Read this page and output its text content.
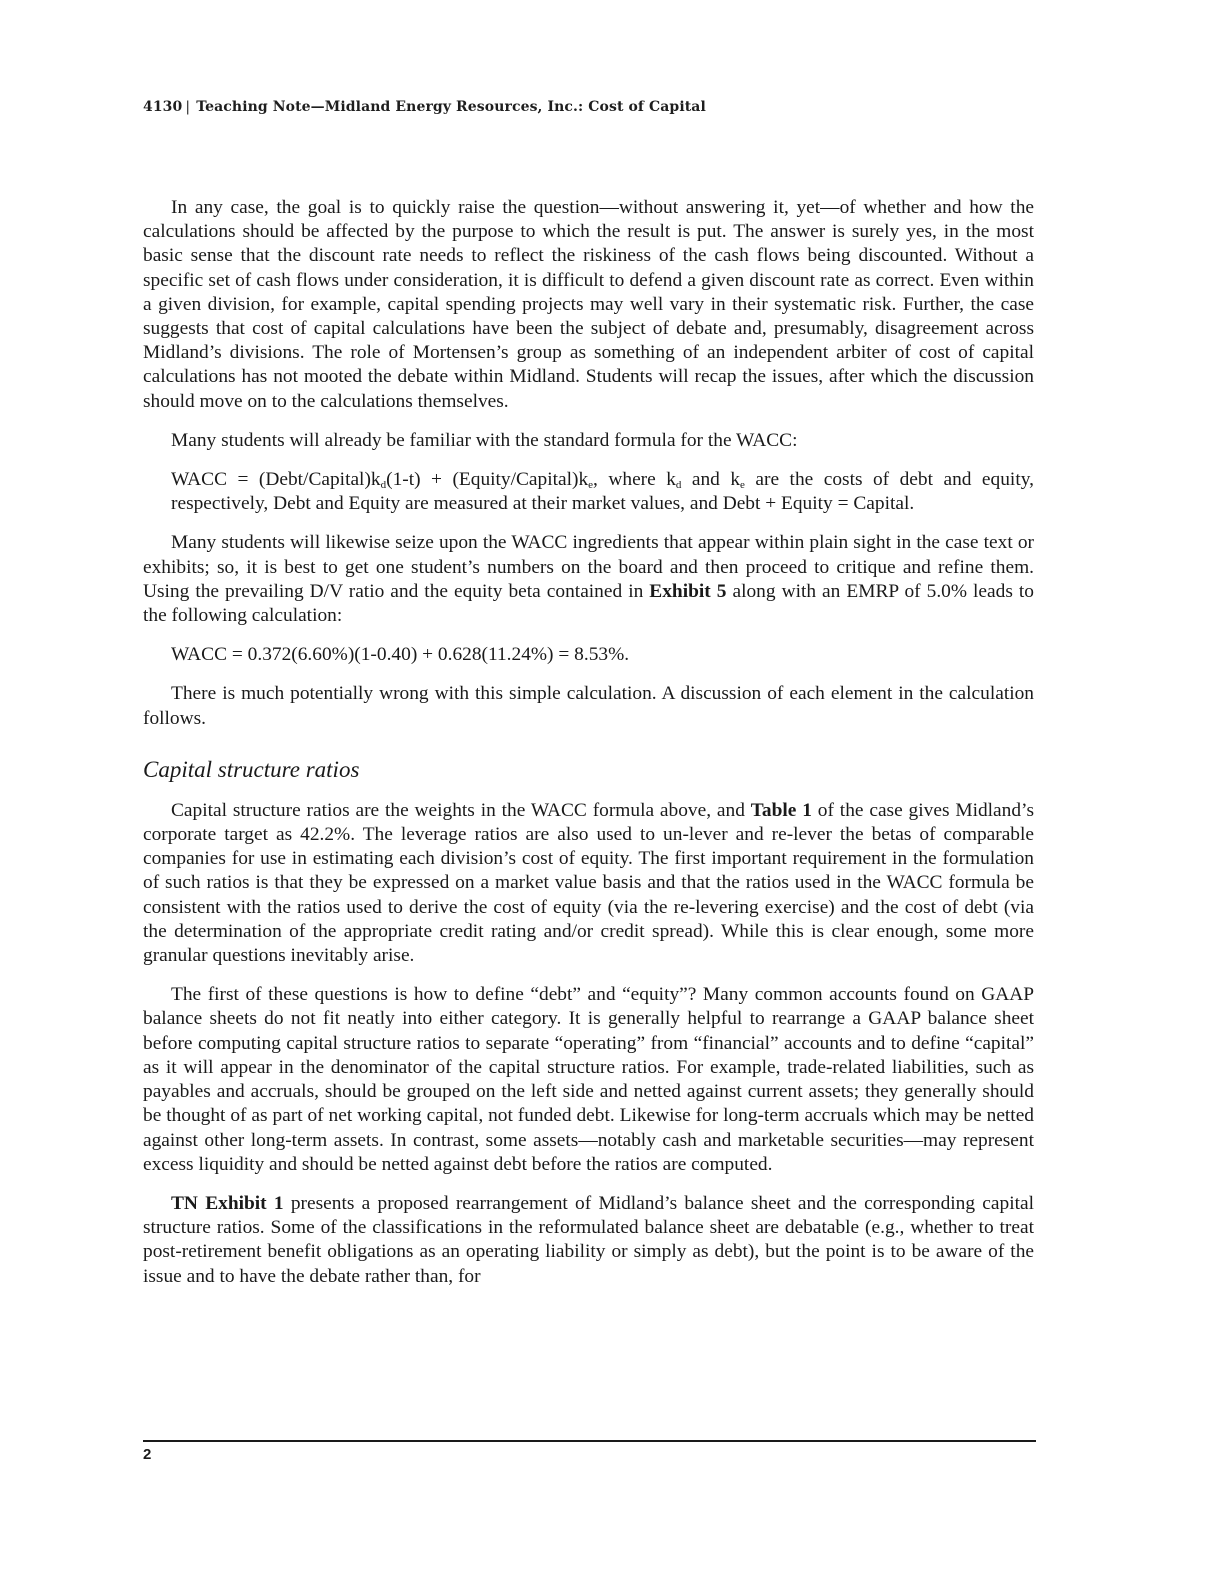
4130 | Teaching Note—Midland Energy Resources, Inc.: Cost of Capital

In any case, the goal is to quickly raise the question—without answering it, yet—of whether and how the calculations should be affected by the purpose to which the result is put. The answer is surely yes, in the most basic sense that the discount rate needs to reflect the riskiness of the cash flows being discounted. Without a specific set of cash flows under consideration, it is difficult to defend a given discount rate as correct. Even within a given division, for example, capital spending projects may well vary in their systematic risk. Further, the case suggests that cost of capital calculations have been the subject of debate and, presumably, disagreement across Midland’s divisions. The role of Mortensen’s group as something of an independent arbiter of cost of capital calculations has not mooted the debate within Midland. Students will recap the issues, after which the discussion should move on to the calculations themselves.

Many students will already be familiar with the standard formula for the WACC:

WACC = $(Debt/Capital)k_d(1-t)$ + $(Equity/Capital)k_e$, where $k_d$ and $k_e$ are the costs of debt and equity, respectively, Debt and Equity are measured at their market values, and Debt + Equity = Capital.

Many students will likewise seize upon the WACC ingredients that appear within plain sight in the case text or exhibits; so, it is best to get one student’s numbers on the board and then proceed to critique and refine them. Using the prevailing D/V ratio and the equity beta contained in Exhibit 5 along with an EMRP of 5.0% leads to the following calculation:

WACC = 0.372(6.60%)(1-0.40) + 0.628(11.24%) = 8.53%.

There is much potentially wrong with this simple calculation. A discussion of each element in the calculation follows.

Capital structure ratios

Capital structure ratios are the weights in the WACC formula above, and Table 1 of the case gives Midland’s corporate target as 42.2%. The leverage ratios are also used to un-lever and re-lever the betas of comparable companies for use in estimating each division’s cost of equity. The first important requirement in the formulation of such ratios is that they be expressed on a market value basis and that the ratios used in the WACC formula be consistent with the ratios used to derive the cost of equity (via the re-levering exercise) and the cost of debt (via the determination of the appropriate credit rating and/or credit spread). While this is clear enough, some more granular questions inevitably arise.

The first of these questions is how to define “debt” and “equity”? Many common accounts found on GAAP balance sheets do not fit neatly into either category. It is generally helpful to rearrange a GAAP balance sheet before computing capital structure ratios to separate “operating” from “financial” accounts and to define “capital” as it will appear in the denominator of the capital structure ratios. For example, trade-related liabilities, such as payables and accruals, should be grouped on the left side and netted against current assets; they generally should be thought of as part of net working capital, not funded debt. Likewise for long-term accruals which may be netted against other long-term assets. In contrast, some assets—notably cash and marketable securities—may represent excess liquidity and should be netted against debt before the ratios are computed.

TN Exhibit 1 presents a proposed rearrangement of Midland’s balance sheet and the corresponding capital structure ratios. Some of the classifications in the reformulated balance sheet are debatable (e.g., whether to treat post-retirement benefit obligations as an operating liability or simply as debt), but the point is to be aware of the issue and to have the debate rather than, for

2
